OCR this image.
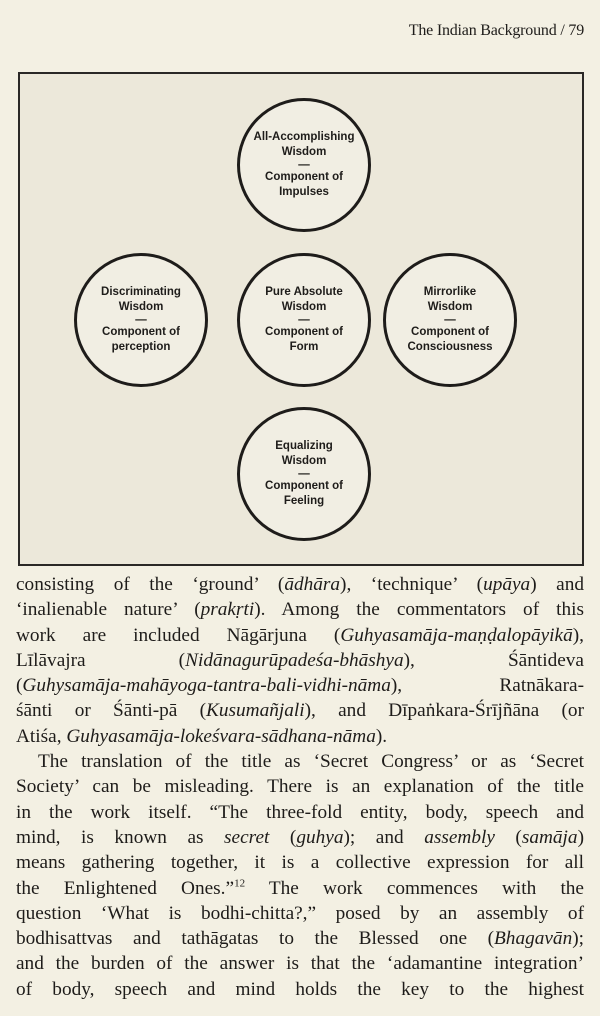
The Indian Background / 79
All-Accomplishing
Wisdom
—
Component of
Impulses
Discriminating
Wisdom
—
Component of
perception
Pure Absolute
Wisdom
—
Component of
Form
Mirrorlike
Wisdom
—
Component of
Consciousness
Equalizing
Wisdom
—
Component of
Feeling
consisting of the ‘ground’ (ādhāra), ‘technique’ (upāya) and
‘inalienable nature’ (prakṛti). Among the commentators of this
work are included Nāgārjuna (Guhyasamāja-maṇḍalopāyikā),
Līlāvajra (Nidānagurūpadeśa-bhāshya), Śāntideva
(Guhysamāja-mahāyoga-tantra-bali-vidhi-nāma), Ratnākara-
śānti or Śānti-pā (Kusumañjali), and Dīpaṅkara-Śrījñāna (or
Atiśa, Guhyasamāja-lokeśvara-sādhana-nāma).
The translation of the title as ‘Secret Congress’ or as ‘Secret
Society’ can be misleading. There is an explanation of the title
in the work itself. “The three-fold entity, body, speech and
mind, is known as secret (guhya); and assembly (samāja)
means gathering together, it is a collective expression for all
the Enlightened Ones.”$^{12}$ The work commences with the
question ‘What is bodhi-chitta?,” posed by an assembly of
bodhisattvas and tathāgatas to the Blessed one (Bhagavān);
and the burden of the answer is that the ‘adamantine integration’
of body, speech and mind holds the key to the highest
